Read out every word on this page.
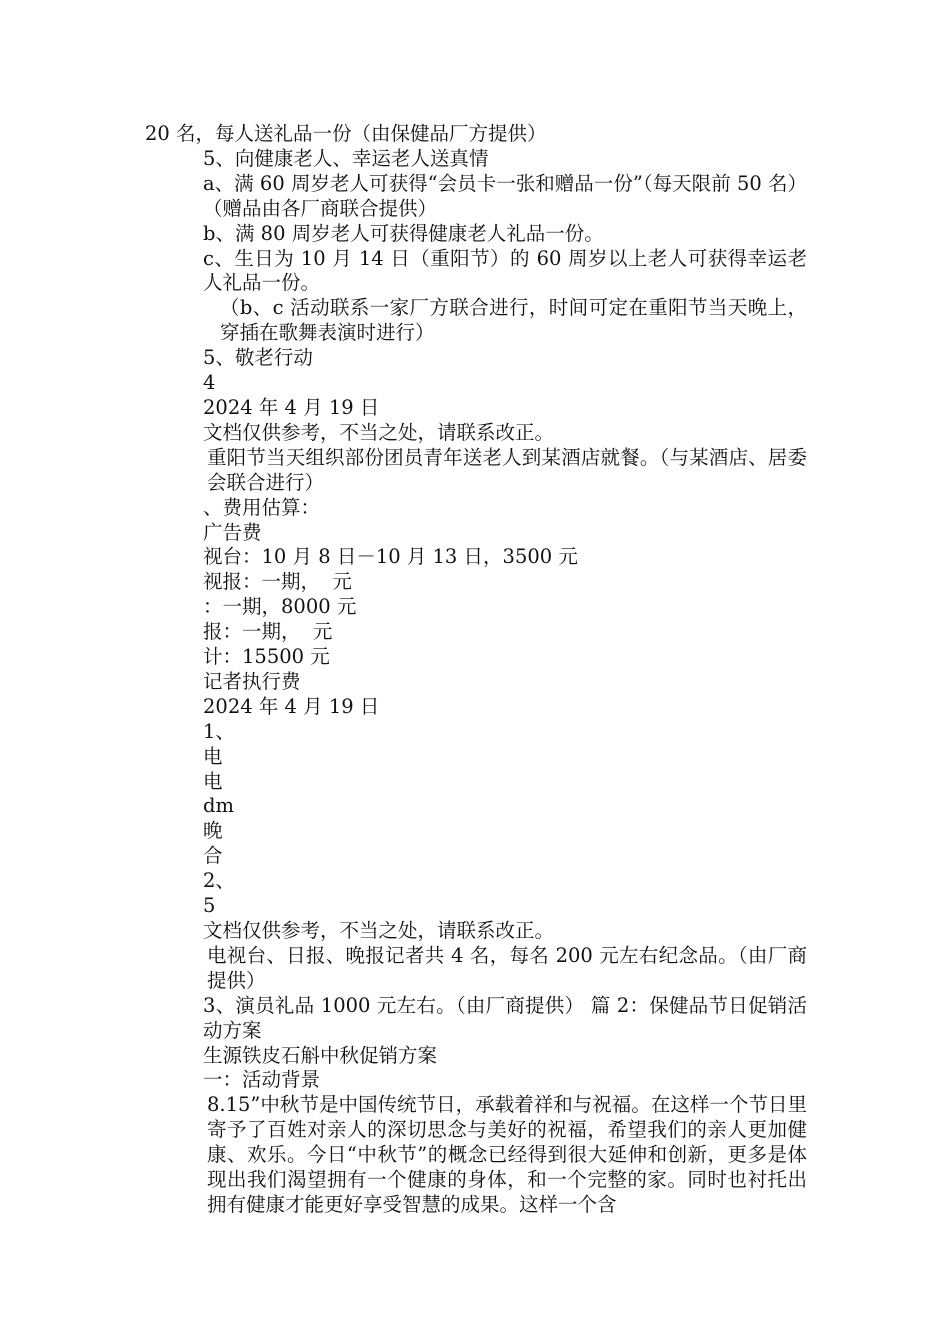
20 名，每人送礼品一份（由保健品厂方提供）

5、向健康老人、幸运老人送真情

a、满 60 周岁老人可获得“会员卡一张和赠品一份”（每天限前 50 名）（赠品由各厂商联合提供）

b、满 80 周岁老人可获得健康老人礼品一份。

c、生日为 10 月 14 日（重阳节）的 60 周岁以上老人可获得幸运老人礼品一份。

（b、c 活动联系一家厂方联合进行，时间可定在重阳节当天晚上，穿插在歌舞表演时进行）

5、敬老行动

4

2024 年 4 月 19 日

文档仅供参考，不当之处，请联系改正。

重阳节当天组织部份团员青年送老人到某酒店就餐。（与某酒店、居委会联合进行）

、费用估算：

广告费

视台：10 月 8 日－10 月 13 日，3500 元

视报：一期，  元

：一期，8000 元

报：一期，  元

计：15500 元

记者执行费

2024 年 4 月 19 日

1、

电

电

dm

晚

合

2、

5

文档仅供参考，不当之处，请联系改正。

电视台、日报、晚报记者共 4 名，每名 200 元左右纪念品。（由厂商提供）

3、演员礼品 1000 元左右。（由厂商提供） 篇 2：保健品节日促销活动方案

生源铁皮石斛中秋促销方案

一：活动背景

8.15”中秋节是中国传统节日，承载着祥和与祝福。在这样一个节日里寄予了百姓对亲人的深切思念与美好的祝福，希望我们的亲人更加健康、欢乐。今日“中秋节”的概念已经得到很大延伸和创新，更多是体现出我们渴望拥有一个健康的身体，和一个完整的家。同时也衬托出拥有健康才能更好享受智慧的成果。这样一个含
